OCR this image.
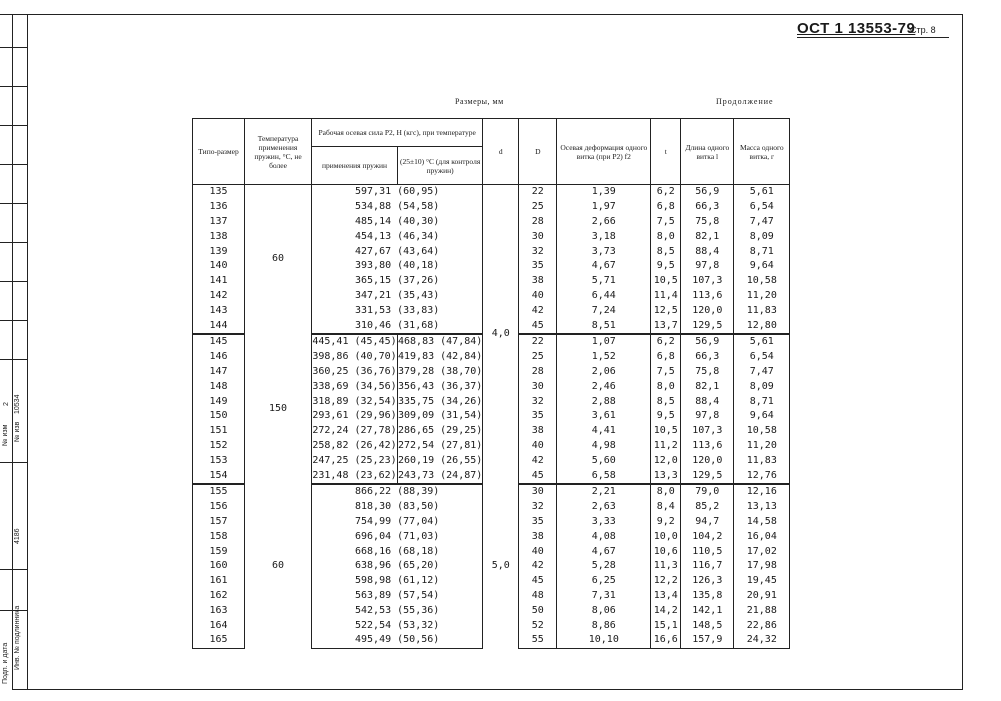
№ изм № изв
2 10534
4186
Инв. № подлинника
Подп. и дата
ОСТ 1 13553-79
Стр. 8
Размеры, мм	Продолжение
Типо-размер	Температура применения пружин, °С, не более	Рабочая осевая сила P2, Н (кгс), при температуре		d	D	Осевая деформация одного витка (при P2) f2	t	Длина одного витка l	Масса одного витка, г
		применения пружин	(25±10) °С (для контроля пружин)						
135	60	597,31 (60,95)		4,0	22	1,39	6,2	56,9	5,61
136		534,88 (54,58)			25	1,97	6,8	66,3	6,54
137		485,14 (40,30)			28	2,66	7,5	75,8	7,47
138		454,13 (46,34)			30	3,18	8,0	82,1	8,09
139		427,67 (43,64)			32	3,73	8,5	88,4	8,71
140		393,80 (40,18)			35	4,67	9,5	97,8	9,64
141		365,15 (37,26)			38	5,71	10,5	107,3	10,58
142		347,21 (35,43)			40	6,44	11,4	113,6	11,20
143		331,53 (33,83)			42	7,24	12,5	120,0	11,83
144		310,46 (31,68)			45	8,51	13,7	129,5	12,80
145	150	445,41 (45,45)	468,83 (47,84)		22	1,07	6,2	56,9	5,61
146		398,86 (40,70)	419,83 (42,84)		25	1,52	6,8	66,3	6,54
147		360,25 (36,76)	379,28 (38,70)		28	2,06	7,5	75,8	7,47
148		338,69 (34,56)	356,43 (36,37)		30	2,46	8,0	82,1	8,09
149		318,89 (32,54)	335,75 (34,26)		32	2,88	8,5	88,4	8,71
150		293,61 (29,96)	309,09 (31,54)		35	3,61	9,5	97,8	9,64
151		272,24 (27,78)	286,65 (29,25)		38	4,41	10,5	107,3	10,58
152		258,82 (26,42)	272,54 (27,81)		40	4,98	11,2	113,6	11,20
153		247,25 (25,23)	260,19 (26,55)		42	5,60	12,0	120,0	11,83
154		231,48 (23,62)	243,73 (24,87)		45	6,58	13,3	129,5	12,76
155	60	866,22 (88,39)		5,0	30	2,21	8,0	79,0	12,16
156		818,30 (83,50)			32	2,63	8,4	85,2	13,13
157		754,99 (77,04)			35	3,33	9,2	94,7	14,58
158		696,04 (71,03)			38	4,08	10,0	104,2	16,04
159		668,16 (68,18)			40	4,67	10,6	110,5	17,02
160		638,96 (65,20)			42	5,28	11,3	116,7	17,98
161		598,98 (61,12)			45	6,25	12,2	126,3	19,45
162		563,89 (57,54)			48	7,31	13,4	135,8	20,91
163		542,53 (55,36)			50	8,06	14,2	142,1	21,88
164		522,54 (53,32)			52	8,86	15,1	148,5	22,86
165		495,49 (50,56)			55	10,10	16,6	157,9	24,32
